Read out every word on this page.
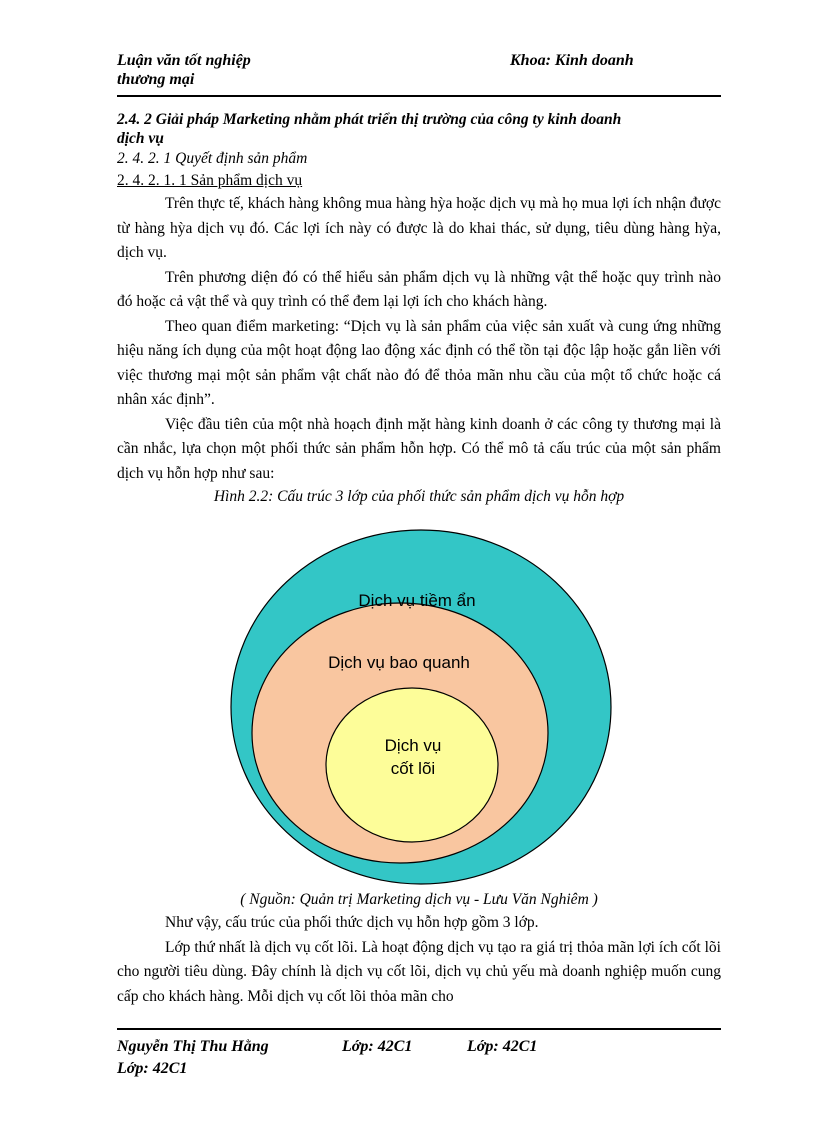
Luận văn tốt nghiệp
thương mại
Khoa: Kinh doanh

2.4. 2 Giải pháp Marketing nhằm phát triển thị trường của công ty kinh doanh
dịch vụ

2. 4. 2. 1 Quyết định sản phẩm

2. 4. 2. 1. 1 Sản phẩm dịch vụ

Trên thực tế, khách hàng không mua hàng hỳa hoặc dịch vụ mà họ mua lợi ích nhận được từ hàng hỳa dịch vụ đó. Các lợi ích này có được là do khai thác, sử dụng, tiêu dùng hàng hỳa, dịch vụ.

Trên phương diện đó có thể hiểu sản phẩm dịch vụ là những vật thể hoặc quy trình nào đó hoặc cả vật thể và quy trình có thể đem lại lợi ích cho khách hàng.

Theo quan điểm marketing: “Dịch vụ là sản phẩm của việc sản xuất và cung ứng những hiệu năng ích dụng của một hoạt động lao động xác định có thể tồn tại độc lập hoặc gắn liền với việc thương mại một sản phẩm vật chất nào đó để thỏa mãn nhu cầu của một tổ chức hoặc cá nhân xác định”.

Việc đầu tiên của một nhà hoạch định mặt hàng kinh doanh ở các công ty thương mại là cần nhắc, lựa chọn một phối thức sản phẩm hỗn hợp. Có thể mô tả cấu trúc của một sản phẩm dịch vụ hỗn hợp như sau:

Hình 2.2: Cấu trúc 3 lớp của phối thức sản phẩm dịch vụ hỗn hợp

Dịch vụ tiềm ẩn
Dịch vụ bao quanh
Dịch vụ
cốt lõi

( Nguồn: Quản trị Marketing dịch vụ - Lưu Văn Nghiêm )

Như vậy, cấu trúc của phối thức dịch vụ hỗn hợp gồm 3 lớp.

Lớp thứ nhất là dịch vụ cốt lõi. Là hoạt động dịch vụ tạo ra giá trị thỏa mãn lợi ích cốt lõi cho người tiêu dùng. Đây chính là dịch vụ cốt lõi, dịch vụ chủ yếu mà doanh nghiệp muốn cung cấp cho khách hàng. Mỗi dịch vụ cốt lõi thỏa mãn cho

Nguyễn Thị Thu Hằng	Lớp: 42C1	Lớp: 42C1
Lớp: 42C1
